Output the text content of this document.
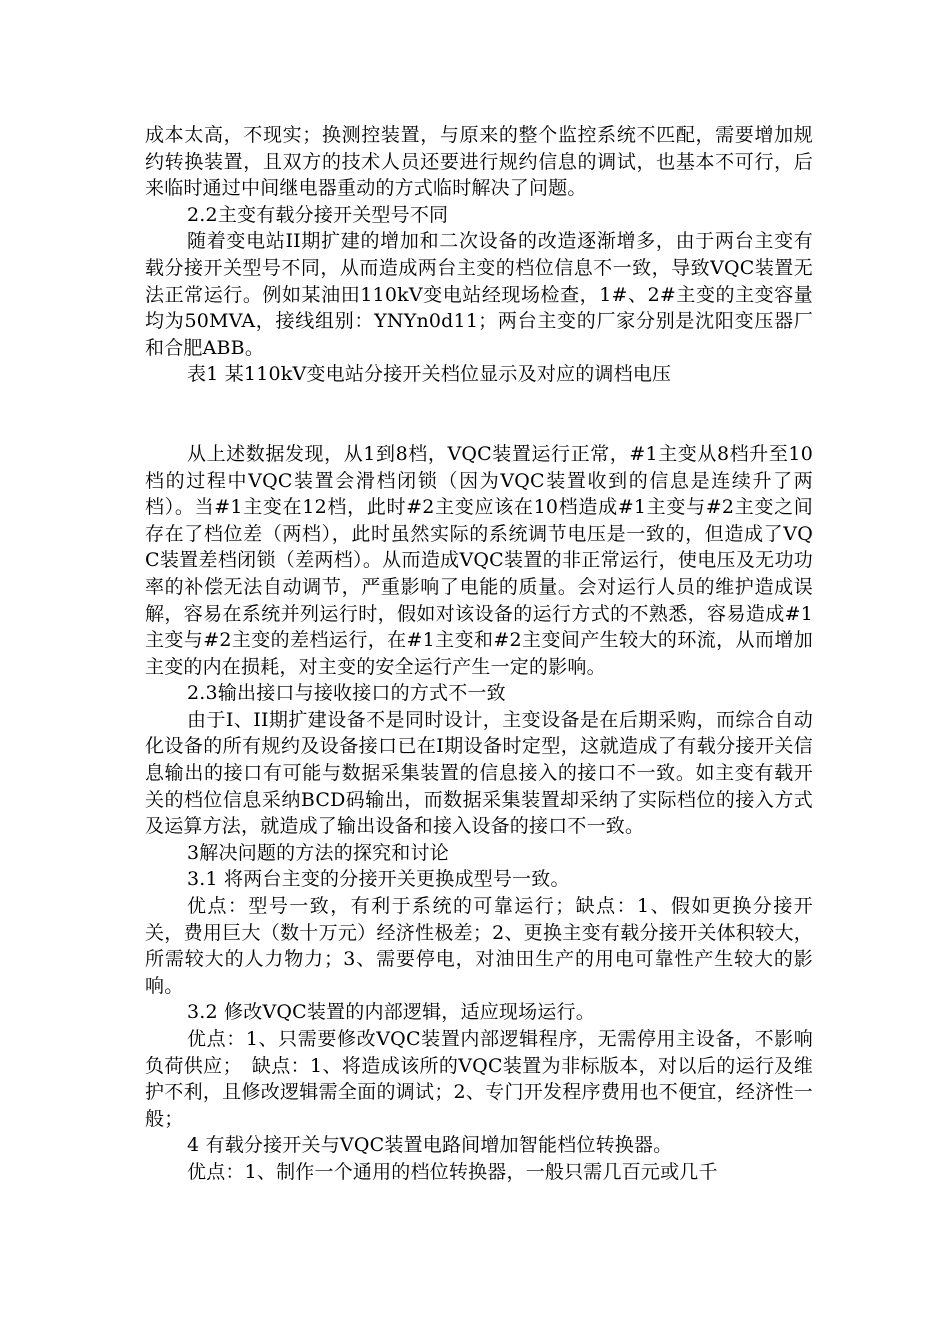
成本太高，不现实；换测控装置，与原来的整个监控系统不匹配，需要增加规约转换装置，且双方的技术人员还要进行规约信息的调试，也基本不可行，后来临时通过中间继电器重动的方式临时解决了问题。

2.2主变有载分接开关型号不同

随着变电站II期扩建的增加和二次设备的改造逐渐增多，由于两台主变有载分接开关型号不同，从而造成两台主变的档位信息不一致，导致VQC装置无法正常运行。例如某油田110kV变电站经现场检查，1#、2#主变的主变容量均为50MVA，接线组别：YNYn0d11；两台主变的厂家分别是沈阳变压器厂和合肥ABB。

表1 某110kV变电站分接开关档位显示及对应的调档电压

从上述数据发现，从1到8档，VQC装置运行正常，#1主变从8档升至10档的过程中VQC装置会滑档闭锁（因为VQC装置收到的信息是连续升了两档）。当#1主变在12档，此时#2主变应该在10档造成#1主变与#2主变之间存在了档位差（两档），此时虽然实际的系统调节电压是一致的，但造成了VQC装置差档闭锁（差两档）。从而造成VQC装置的非正常运行，使电压及无功功率的补偿无法自动调节，严重影响了电能的质量。会对运行人员的维护造成误解，容易在系统并列运行时，假如对该设备的运行方式的不熟悉，容易造成#1主变与#2主变的差档运行，在#1主变和#2主变间产生较大的环流，从而增加主变的内在损耗，对主变的安全运行产生一定的影响。

2.3输出接口与接收接口的方式不一致

由于I、II期扩建设备不是同时设计，主变设备是在后期采购，而综合自动化设备的所有规约及设备接口已在I期设备时定型，这就造成了有载分接开关信息输出的接口有可能与数据采集装置的信息接入的接口不一致。如主变有载开关的档位信息采纳BCD码输出，而数据采集装置却采纳了实际档位的接入方式及运算方法，就造成了输出设备和接入设备的接口不一致。

3解决问题的方法的探究和讨论

3.1 将两台主变的分接开关更换成型号一致。

优点：型号一致，有利于系统的可靠运行；缺点：1、假如更换分接开关，费用巨大（数十万元）经济性极差；2、更换主变有载分接开关体积较大，所需较大的人力物力；3、需要停电，对油田生产的用电可靠性产生较大的影响。

3.2 修改VQC装置的内部逻辑，适应现场运行。

优点：1、只需要修改VQC装置内部逻辑程序，无需停用主设备，不影响负荷供应；　缺点：1、将造成该所的VQC装置为非标版本，对以后的运行及维护不利，且修改逻辑需全面的调试；2、专门开发程序费用也不便宜，经济性一般；

4 有载分接开关与VQC装置电路间增加智能档位转换器。

优点：1、制作一个通用的档位转换器，一般只需几百元或几千
